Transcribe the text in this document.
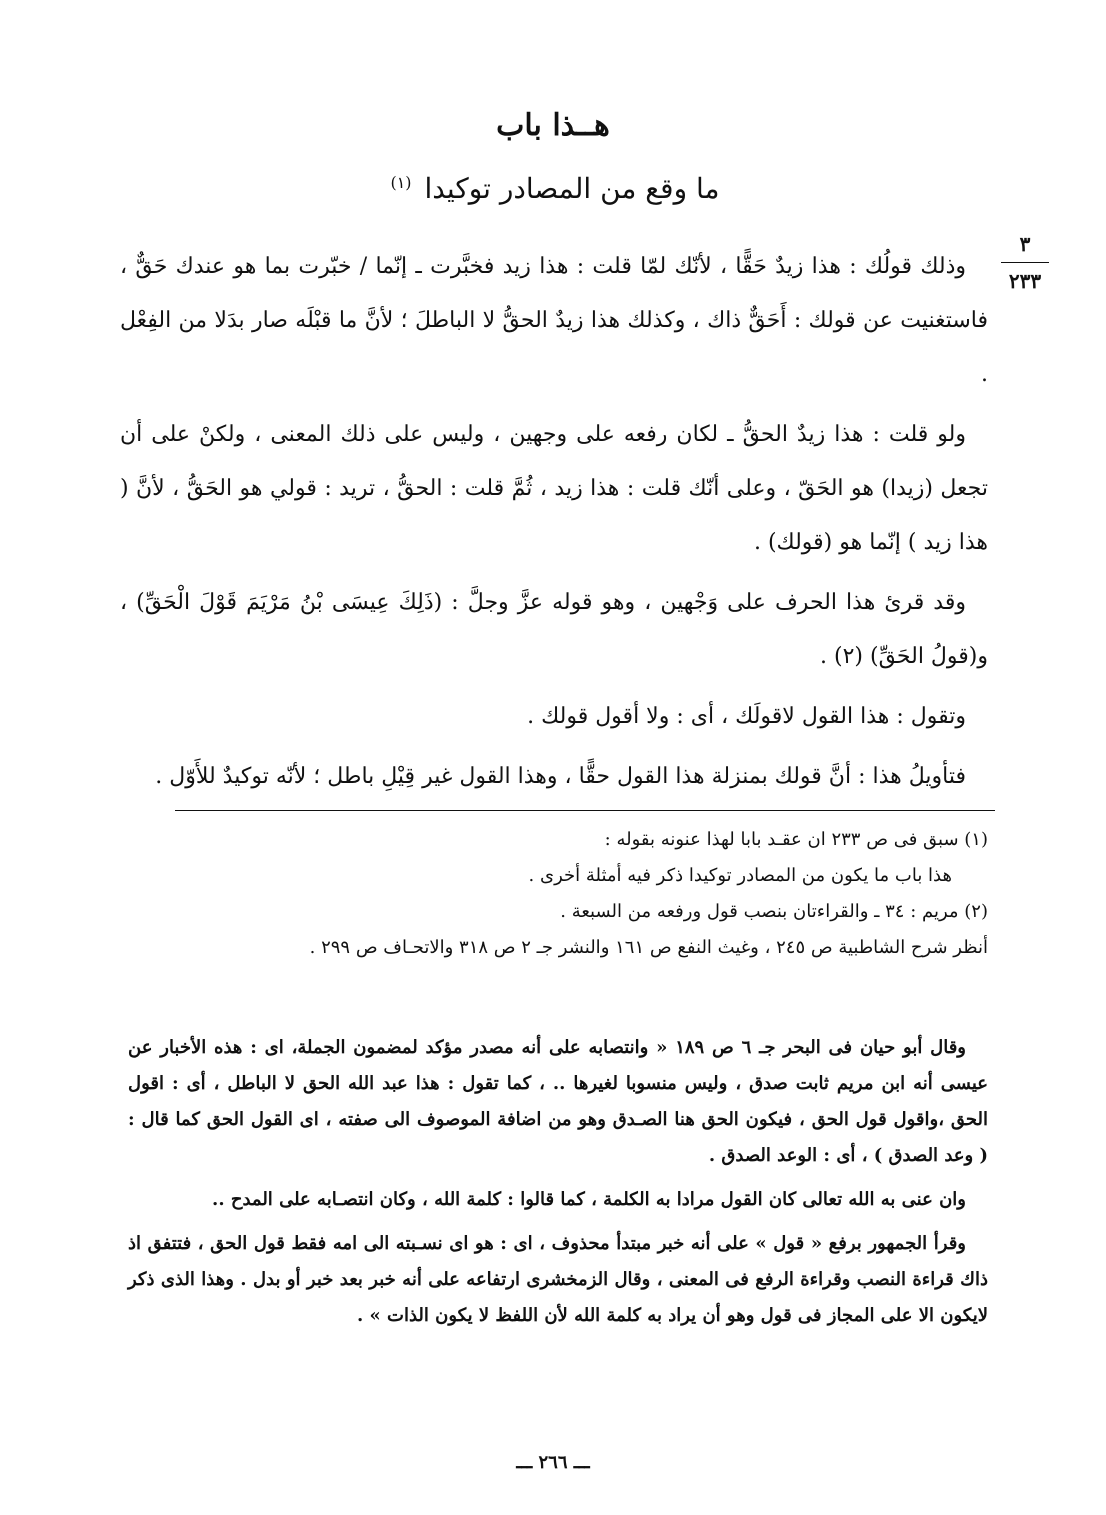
هــذا باب
ما وقع من المصادر توكيدا $^{(١)}$
٣
٢٣٣

وذلك قولُك : هذا زيدٌ حَقًّا ، لأنّك لمّا قلت : هذا زيد فخبَّرت ـ إنّما / خبّرت بما هو عندك حَقٌّ ، فاستغنيت عن قولك : أَحَقٌّ ذاك ، وكذلك هذا زيدٌ الحقُّ لا الباطلَ ؛ لأنَّ ما قبْلَه صار بدَلا من الفِعْل .

ولو قلت : هذا زيدٌ الحقُّ ـ لكان رفعه على وجهين ، وليس على ذلك المعنى ، ولكنْ على أن تجعل (زيدا) هو الحَقّ ، وعلى أنّك قلت : هذا زيد ، ثُمَّ قلت : الحقُّ ، تريد : قولي هو الحَقُّ ، لأنَّ ( هذا زيد ) إنّما هو (قولك) .

وقد قرئ هذا الحرف على وَجْهين ، وهو قوله عزَّ وجلَّ : (ذَلِكَ عِيسَى بْنُ مَرْيَمَ قَوْلَ الْحَقِّ) ، و(قولُ الحَقِّ) (٢) .

وتقول : هذا القول لاقولَك ، أى : ولا أقول قولك .

فتأويلُ هذا : أنَّ قولك بمنزلة هذا القول حقًّا ، وهذا القول غير قِيْلِ باطل ؛ لأنّه توكيدٌ للأَوّل .

(١) سبق فى ص ٢٣٣ ان عقـد بابا لهذا عنونه بقوله :

هذا باب ما يكون من المصادر توكيدا ذكر فيه أمثلة أخرى .

(٢) مريم : ٣٤ ـ والقراءتان بنصب قول ورفعه من السبعة .

أنظر شرح الشاطبية ص ٢٤٥ ، وغيث النفع ص ١٦١ والنشر جـ ٢ ص ٣١٨ والاتحـاف ص ٢٩٩ .

وقال أبو حيان فى البحر جـ ٦ ص ١٨٩ « وانتصابه على أنه مصدر مؤكد لمضمون الجملة، اى : هذه الأخبار عن عيسى أنه ابن مريم ثابت صدق ، وليس منسوبا لغيرها .. ، كما تقول : هذا عبد الله الحق لا الباطل ، أى : اقول الحق ،واقول قول الحق ، فيكون الحق هنا الصـدق وهو من اضافة الموصوف الى صفته ، اى القول الحق كما قال : ( وعد الصدق ) ، أى : الوعد الصدق .

وان عنى به الله تعالى كان القول مرادا به الكلمة ، كما قالوا : كلمة الله ، وكان انتصـابه على المدح ..

وقرأ الجمهور برفع « قول » على أنه خبر مبتدأ محذوف ، اى : هو اى نسـبته الى امه فقط قول الحق ، فتتفق اذ ذاك قراءة النصب وقراءة الرفع فى المعنى ، وقال الزمخشرى ارتفاعه على أنه خبر بعد خبر أو بدل . وهذا الذى ذكر لايكون الا على المجاز فى قول وهو أن يراد به كلمة الله لأن اللفظ لا يكون الذات » .

ـــ ٢٦٦ ـــ
